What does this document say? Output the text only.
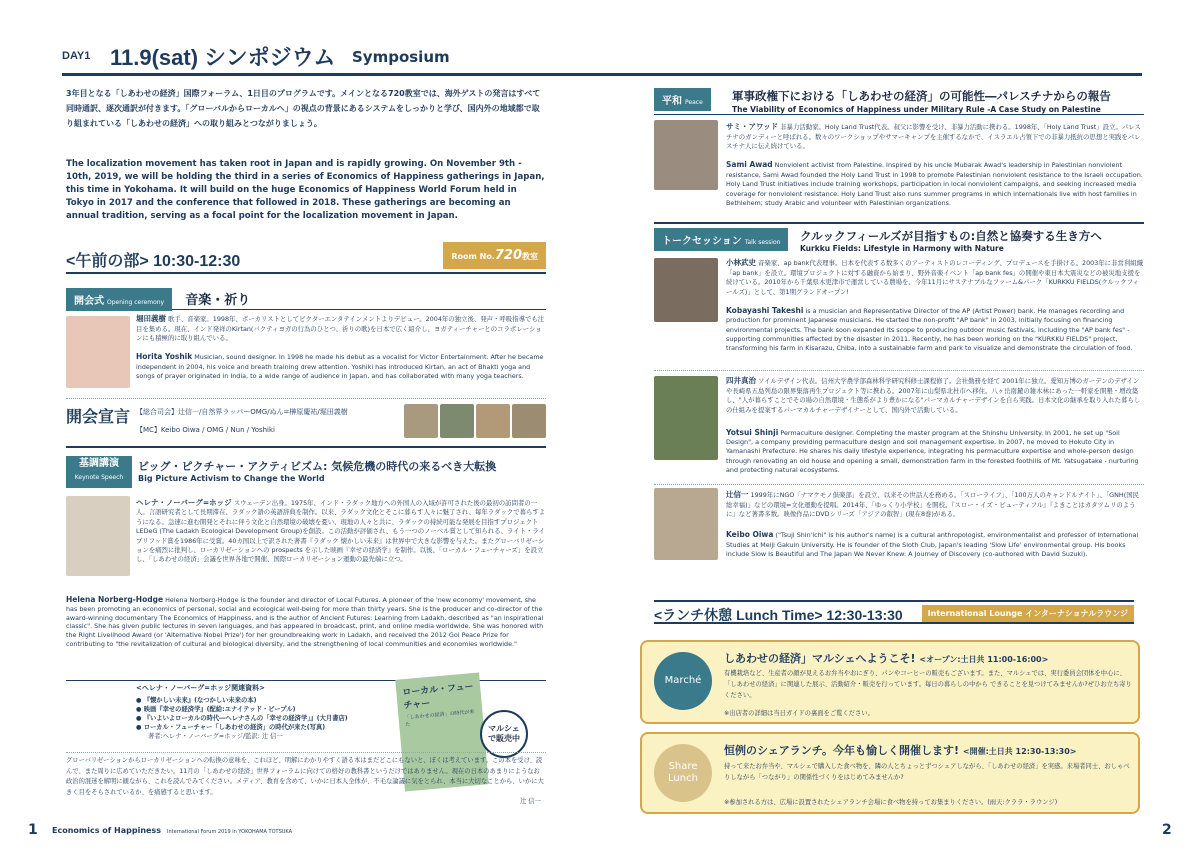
DAY1 11.9(sat) シンポジウム Symposium
3年目となる「しあわせの経済」国際フォーラム、1日目のプログラムです。メインとなる720教室では、海外ゲストの発言はすべて同時通訳、逐次通訳が付きます。「グローバルからローカルへ」の視点の背景にあるシステムをしっかりと学び、国内外の地域都で取り組まれている「しあわせの経済」への取り組みとつながりましょう。
The localization movement has taken root in Japan and is rapidly growing. On November 9th - 10th, 2019, we will be holding the third in a series of Economics of Happiness gatherings in Japan, this time in Yokohama. It will build on the huge Economics of Happiness World Forum held in Tokyo in 2017 and the conference that followed in 2018. These gatherings are becoming an annual tradition, serving as a focal point for the localization movement in Japan.
<午前の部> 10:30-12:30	Room No.720教室
開会式 Opening ceremony 音楽・祈り
堀田義樹 歌手、音楽家。1998年、ボーカリストとしてビクターエンタテインメントよりデビュー。2004年の独立後、発声・呼吸指導でも注目を集める。現在、インド発祥のKirtan(バクティヨガの行為のひとつ、祈りの歌)を日本で広く紹介し、ヨガティーチャーとのコラボレーションにも積極的に取り組んでいる。
Horita Yoshik Musician, sound designer. In 1998 he made his debut as a vocalist for Victor Entertainment. After he became independent in 2004, his voice and breath training drew attention. Yoshiki has introduced Kirtan, an act of Bhakti yoga and songs of prayer originated in India, to a wide range of audience in Japan, and has collaborated with many yoga teachers.
開会宣言 【総合司会】辻信一/自然界ラッパーOMG/ぬん=榊原慶祐/堀田義樹
【MC】Keibo Oiwa / OMG / Nun / Yoshiki
基調講演
Keynote Speech
ビッグ・ピクチャー・アクティビズム: 気候危機の時代の来るべき大転換
Big Picture Activism to Change the World
ヘレナ・ノーバーグ=ホッジ スウェーデン出身。1975年、インド・ラダック地方への外国人の入域が許可された後の最初の訪問者の一人。言語研究者として長期滞在、ラダック語の英語辞典を制作。以来、ラダック文化とそこに暮らす人々に魅了され、毎年ラダックで暮らすようになる。急速に進む開発とそれに伴う文化と自然環境の破壊を憂い、現地の人々と共に、ラダックの持続可能な発展を目指すプロジェクトLEDeG (The Ladakh Ecological Development Group)を創設。この活動が評価され、もう一つのノーベル賞として知られる、ライト・ライブリフッド賞を1986年に受賞。40カ国以上で訳された著書『ラダック 懐かしい未来』は世界中で大きな影響を与えた。またグローバリゼーションを痛烈に批判し、ローカリゼーションへの prospects を示した映画『幸せの経済学』を制作。以後、「ローカル・フューチャーズ」を設立し、「しあわせの経済」会議を世界各地で開催、国際ローカリゼーション運動の最先端に立つ。
Helena Norberg-Hodge Helena Norberg-Hodge is the founder and director of Local Futures. A pioneer of the 'new economy' movement, she has been promoting an economics of personal, social and ecological well-being for more than thirty years. She is the producer and co-director of the award-winning documentary The Economics of Happiness, and is the author of Ancient Futures: Learning from Ladakh, described as "an inspirational classic". She has given public lectures in seven languages, and has appeared in broadcast, print, and online media worldwide. She was honored with the Right Livelihood Award (or 'Alternative Nobel Prize') for her groundbreaking work in Ladakh, and received the 2012 Goi Peace Prize for contributing to "the revitalization of cultural and biological diversity, and the strengthening of local communities and economies worldwide."
<ヘレナ・ノーバーグ=ホッジ関連資料>
● 『懐かしい未来』(なつかしい未来の本)
● 映画『幸せの経済学』(配給:ユナイテッド・ピープル)
● 『いよいよローカルの時代―ヘレナさんの「幸せの経済学」』(大月書店)
● ローカル・フューチャー「しあわせの経済」の時代が来た(写真)
著者:ヘレナ・ノーバーグ=ホッジ/監訳: 辻 信一
ローカル・フューチャー
「しあわせの経済」の時代が来た	マルシェで販売中
グローバリゼーションからローカリゼーションへの転換の意味を、これほど、明解にわかりやすく語る本はまだどこにもないと、ぼくは考えています。この本を受け、読んで、また周りに広めていただきたい。11月の「しあわせの経済」世界フォーラムに向けての格好の教科書というだけではありません。現在の日本のあまりにようなお政治的混迷を解明に観ながら、これを読んでみてください。メディア、教育を含めて、いかに日本人全体が、不毛な論議に気をとられ、本当に大切なことから、いかに大きく目をそらされているか、を痛感すると思います。
辻 信一
1 Economics of Happiness International Forum 2019 in YOKOHAMA TOTSUKA
平和 Peace	軍事政権下における「しあわせの経済」の可能性―パレスチナからの報告
The Viability of Economics of Happiness under Military Rule -A Case Study on Palestine
サミ・アワッド 非暴力活動家。Holy Land Trust代表。叔父に影響を受け、非暴力活動に携わる。1998年、「Holy Land Trust」設立。パレスチナのガンディーと呼ばれる。数々のワークショップやサマーキャンプを主催するなかで、イスラエル占領下での非暴力抵抗の思想と実践をパレスチナ人に伝え続けている。
Sami Awad Nonviolent activist from Palestine. Inspired by his uncle Mubarak Awad's leadership in Palestinian nonviolent resistance, Sami Awad founded the Holy Land Trust in 1998 to promote Palestinian nonviolent resistance to the Israeli occupation. Holy Land Trust initiatives include training workshops, participation in local nonviolent campaigns, and seeking increased media coverage for nonviolent resistance. Holy Land Trust also runs summer programs in which internationals live with host families in Bethlehem; study Arabic and volunteer with Palestinian organizations.
トークセッション Talk session クルックフィールズが目指すもの:自然と協奏する生き方へ
Kurkku Fields: Lifestyle in Harmony with Nature
小林武史 音楽家、ap bank代表理事。日本を代表する数多くのアーティストのレコーディング、プロデュースを手掛ける。2003年に非営利組織「ap bank」を設立。環境プロジェクトに対する融資から始まり、野外音楽イベント「ap bank fes」の開催や東日本大震災などの被災地支援を続けている。2010年から千葉県木更津市で運営している農場を、今年11月にサステナブルなファーム&パーク「KURKKU FIELDS(クルックフィールズ)」として、第1期グランドオープン!
Kobayashi Takeshi is a musician and Representative Director of the AP (Artist Power) bank. He manages recording and production for prominent Japanese musicians. He started the non-profit "AP bank" in 2003, initially focusing on financing environmental projects. The bank soon expanded its scope to producing outdoor music festivals, including the "AP bank fes" - supporting communities affected by the disaster in 2011. Recently, he has been working on the "KURKKU FIELDS" project, transforming his farm in Kisarazu, Chiba, into a sustainable farm and park to visualize and demonstrate the circulation of food.
四井真治 ソイルデザイン代表。信州大学農学部森林科学研究科修士課程修了。会社勤務を経て 2001年に独立。愛知万博のガーデンのデザインや長崎県五島列島の限界集落再生プロジェクト等に携わる。2007年に山梨県北杜市へ移住。八ヶ岳南麓の雑木林にあった一軒家を開墾・増改築し、"人が暮らすことでその場の自然環境・生態系がより豊かになる"パーマカルチャーデザインを自ら実践。日本文化の継承を取り入れた暮らしの仕組みを提案するパーマカルチャーデザイナーとして、国内外で活動している。
Yotsui Shinji Permaculture designer. Completing the master program at the Shinshu University. In 2001, he set up "Soil Design", a company providing permaculture design and soil management expertise. In 2007, he moved to Hokuto City in Yamanashi Prefecture. He shares his daily lifestyle experience, integrating his permaculture expertise and whole-person design through renovating an old house and opening a small, demonstration farm in the forested foothills of Mt. Yatsugatake - nurturing and protecting natural ecosystems.
辻信一 1999年にNGO「ナマケモノ倶楽部」を設立、以来その世話人を務める。「スローライフ」、「100万人のキャンドルナイト」、「GNH(国民総幸福)」などの環境=文化運動を提唱。2014年、「ゆっくり小学校」を開校。『スロー・イズ・ビューティフル』『よきことはカタツムリのように』など著書多数。映像作品にDVDシリーズ「アジアの叡智」(現在8巻)がある。
Keibo Oiwa ("Tsuji Shin'ichi" is his author's name) is a cultural anthropologist, environmentalist and professor of International Studies at Meiji Gakuin University. He is founder of the Sloth Club, Japan's leading 'Slow Life' environmental group. His books include Slow Is Beautiful and The Japan We Never Knew: A Journey of Discovery (co-authored with David Suzuki).
<ランチ休憩 Lunch Time> 12:30-13:30	International Lounge インターナショナルラウンジ
Marché
しあわせの経済」マルシェへようこそ! <オープン:土日共 11:00-16:00>
有機栽培など、生産者の顔が見えるお弁当やおにぎり、パンやコーヒーの販売もございます。また、マルシェでは、実行委員会団体を中心に、「しあわせの経済」に関連した展示、活動紹介・販売を行っています。毎日の暮らしの中から できることを見つけてみませんか?ぜひお立ち寄りください。
※出店者の詳細は当日ガイドの裏面をご覧ください。
Share Lunch
恒例のシェアランチ。今年も愉しく開催します! <開催:土日共 12:30-13:30>
持って来たお弁当や、マルシェで購入した食べ物を、隣の人とちょっとずつシェアしながら、「しあわせの経済」を実感。来場者同士、おしゃべりしながら「つながり」の関係性づくりをはじめてみませんか?
※参加される方は、広場に設置されたシェアランチ会場に食べ物を持ってお集まりください。(雨天:クララ・ラウンジ)
2
